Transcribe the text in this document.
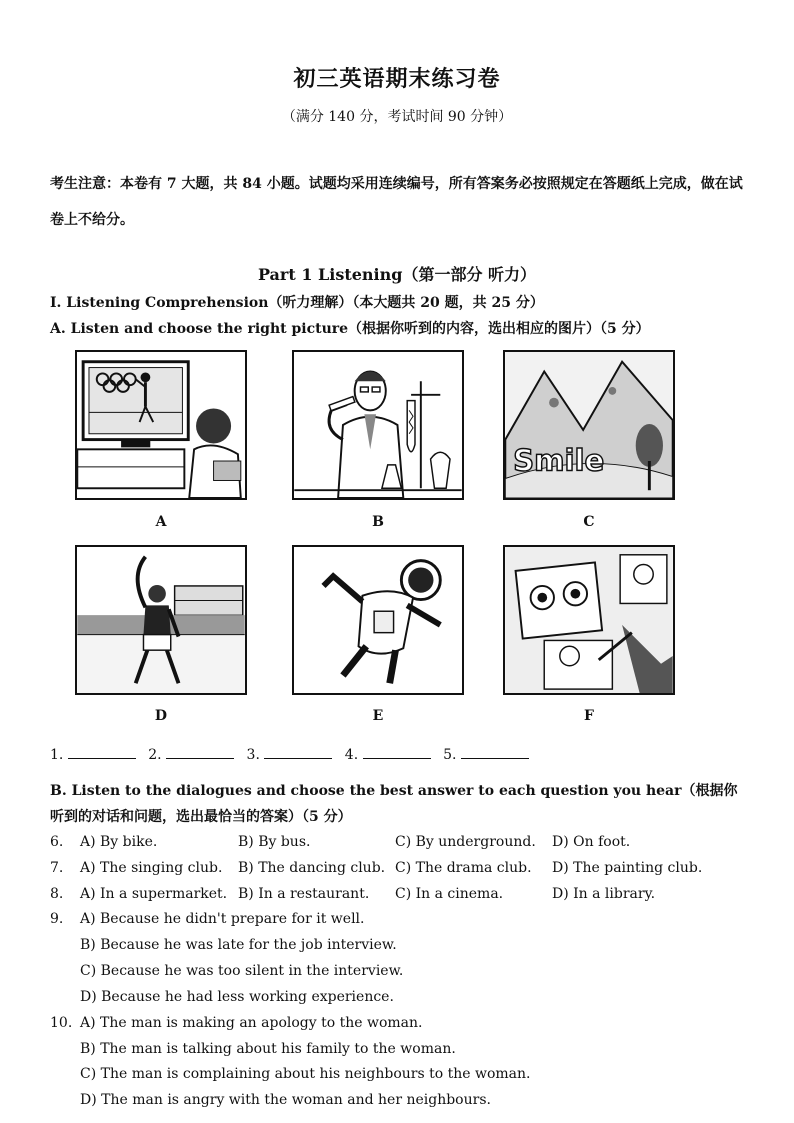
初三英语期末练习卷
（满分 140 分，考试时间 90 分钟）
考生注意：本卷有 7 大题，共 84 小题。试题均采用连续编号，所有答案务必按照规定在答题纸上完成，做在试卷上不给分。
Part 1 Listening（第一部分 听力）
I. Listening Comprehension（听力理解）（本大题共 20 题，共 25 分）
A. Listen and choose the right picture（根据你听到的内容，选出相应的图片）（5 分）
A	B
Smile
C
D	E	F
1.	2.	3.	4.	5.
B. Listen to the dialogues and choose the best answer to each question you hear（根据你听到的对话和问题，选出最恰当的答案）（5 分）
6. A) By bike.	B) By bus.	C) By underground. D) On foot.
7. A) The singing club. B) The dancing club. C) The drama club. D) The painting club.
8. A) In a supermarket. B) In a restaurant. C) In a cinema.	D) In a library.
9. A) Because he didn't prepare for it well.
B) Because he was late for the job interview.
C) Because he was too silent in the interview.
D) Because he had less working experience.
10. A) The man is making an apology to the woman.
B) The man is talking about his family to the woman.
C) The man is complaining about his neighbours to the woman.
D) The man is angry with the woman and her neighbours.
